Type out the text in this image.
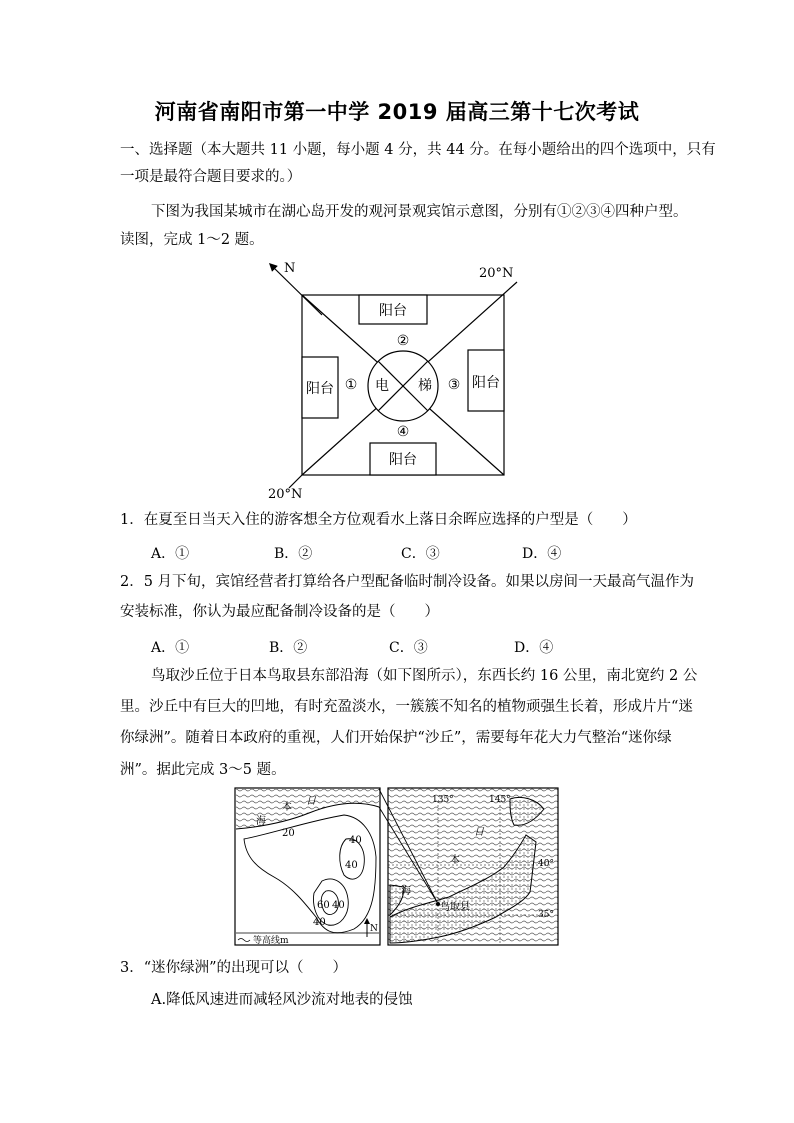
河南省南阳市第一中学 2019 届高三第十七次考试
一、选择题（本大题共 11 小题，每小题 4 分，共 44 分。在每小题给出的四个选项中，只有
一项是最符合题目要求的。）
下图为我国某城市在湖心岛开发的观河景观宾馆示意图，分别有①②③④四种户型。
读图，完成 1～2 题。
N	20°N
20°N
阳台
阳台	阳台
阳台
电 梯
①
②
③
④
1．在夏至日当天入住的游客想全方位观看水上落日余晖应选择的户型是（　　）
A．①	B．②	C．③	D．④
2．5 月下旬，宾馆经营者打算给各户型配备临时制冷设备。如果以房间一天最高气温作为
安装标准，你认为最应配备制冷设备的是（　　）
A．①	B．②	C．③	D．④
鸟取沙丘位于日本鸟取县东部沿海（如下图所示），东西长约 16 公里，南北宽约 2 公
里。沙丘中有巨大的凹地，有时充盈淡水，一簇簇不知名的植物顽强生长着，形成片片“迷
你绿洲”。随着日本政府的重视，人们开始保护“沙丘”，需要每年花大力气整治“迷你绿
洲”。据此完成 3～5 题。
本
日
海
20
40
40
60 40
40
等高线m
N
135°	145°
40°
35°
日
本
海
鸟取县
3．“迷你绿洲”的出现可以（　　）
A.降低风速进而减轻风沙流对地表的侵蚀
